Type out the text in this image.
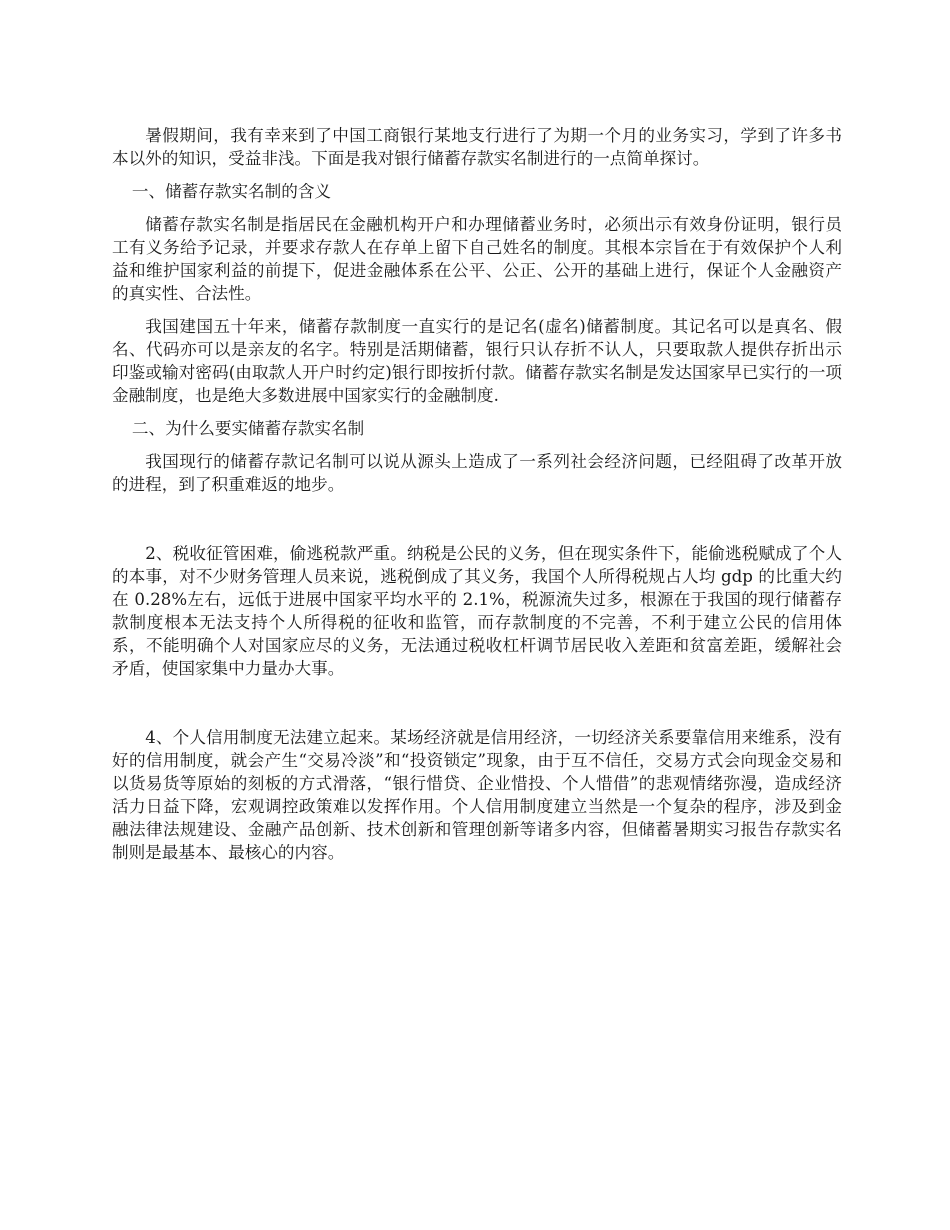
暑假期间，我有幸来到了中国工商银行某地支行进行了为期一个月的业务实习，学到了许多书本以外的知识，受益非浅。下面是我对银行储蓄存款实名制进行的一点简单探讨。

一、储蓄存款实名制的含义

储蓄存款实名制是指居民在金融机构开户和办理储蓄业务时，必须出示有效身份证明，银行员工有义务给予记录，并要求存款人在存单上留下自己姓名的制度。其根本宗旨在于有效保护个人利益和维护国家利益的前提下，促进金融体系在公平、公正、公开的基础上进行，保证个人金融资产的真实性、合法性。

我国建国五十年来，储蓄存款制度一直实行的是记名(虚名)储蓄制度。其记名可以是真名、假名、代码亦可以是亲友的名字。特别是活期储蓄，银行只认存折不认人，只要取款人提供存折出示印鉴或输对密码(由取款人开户时约定)银行即按折付款。储蓄存款实名制是发达国家早已实行的一项金融制度，也是绝大多数进展中国家实行的金融制度.

二、为什么要实储蓄存款实名制

我国现行的储蓄存款记名制可以说从源头上造成了一系列社会经济问题，已经阻碍了改革开放的进程，到了积重难返的地步。

2、税收征管困难，偷逃税款严重。纳税是公民的义务，但在现实条件下，能偷逃税赋成了个人的本事，对不少财务管理人员来说，逃税倒成了其义务，我国个人所得税规占人均 gdp 的比重大约在 0.28%左右，远低于进展中国家平均水平的 2.1%，税源流失过多，根源在于我国的现行储蓄存款制度根本无法支持个人所得税的征收和监管，而存款制度的不完善，不利于建立公民的信用体系，不能明确个人对国家应尽的义务，无法通过税收杠杆调节居民收入差距和贫富差距，缓解社会矛盾，使国家集中力量办大事。

4、个人信用制度无法建立起来。某场经济就是信用经济，一切经济关系要靠信用来维系，没有好的信用制度，就会产生“交易冷淡”和“投资锁定”现象，由于互不信任，交易方式会向现金交易和以货易货等原始的刻板的方式滑落，“银行惜贷、企业惜投、个人惜借”的悲观情绪弥漫，造成经济活力日益下降，宏观调控政策难以发挥作用。个人信用制度建立当然是一个复杂的程序，涉及到金融法律法规建设、金融产品创新、技术创新和管理创新等诸多内容，但储蓄暑期实习报告存款实名制则是最基本、最核心的内容。
